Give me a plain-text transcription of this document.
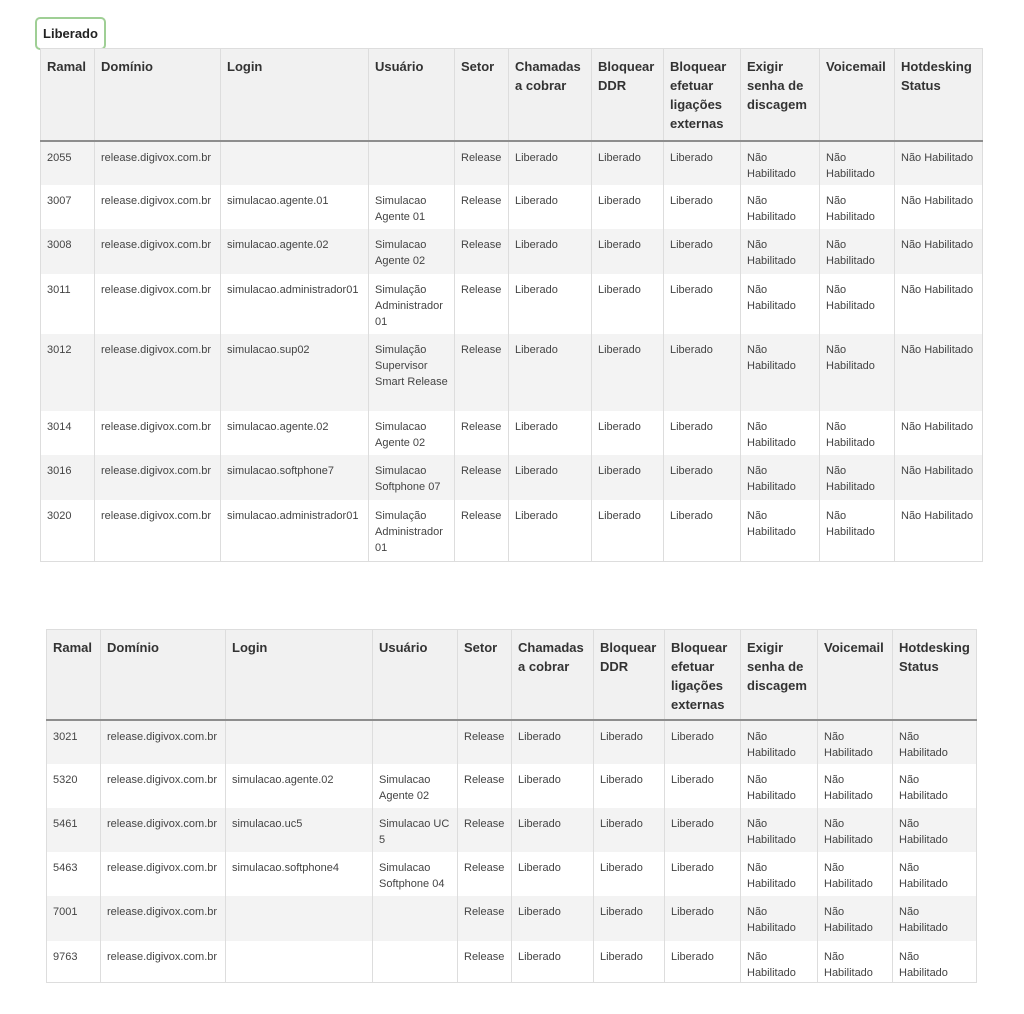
Liberado
Ramal	Domínio	Login	Usuário	Setor	Chamadas a cobrar	Bloquear DDR	Bloquear efetuar ligações externas	Exigir senha de discagem	Voicemail	Hotdesking Status
2055	release.digivox.com.br			Release	Liberado	Liberado	Liberado	Não Habilitado	Não Habilitado	Não Habilitado
3007	release.digivox.com.br	simulacao.agente.01	Simulacao Agente 01	Release	Liberado	Liberado	Liberado	Não Habilitado	Não Habilitado	Não Habilitado
3008	release.digivox.com.br	simulacao.agente.02	Simulacao Agente 02	Release	Liberado	Liberado	Liberado	Não Habilitado	Não Habilitado	Não Habilitado
3011	release.digivox.com.br	simulacao.administrador01	Simulação Administrador 01	Release	Liberado	Liberado	Liberado	Não Habilitado	Não Habilitado	Não Habilitado
3012	release.digivox.com.br	simulacao.sup02	Simulação Supervisor Smart Release	Release	Liberado	Liberado	Liberado	Não Habilitado	Não Habilitado	Não Habilitado
3014	release.digivox.com.br	simulacao.agente.02	Simulacao Agente 02	Release	Liberado	Liberado	Liberado	Não Habilitado	Não Habilitado	Não Habilitado
3016	release.digivox.com.br	simulacao.softphone7	Simulacao Softphone 07	Release	Liberado	Liberado	Liberado	Não Habilitado	Não Habilitado	Não Habilitado
3020	release.digivox.com.br	simulacao.administrador01	Simulação Administrador 01	Release	Liberado	Liberado	Liberado	Não Habilitado	Não Habilitado	Não Habilitado
Ramal	Domínio	Login	Usuário	Setor	Chamadas a cobrar	Bloquear DDR	Bloquear efetuar ligações externas	Exigir senha de discagem	Voicemail	Hotdesking Status
3021	release.digivox.com.br			Release	Liberado	Liberado	Liberado	Não Habilitado	Não Habilitado	Não Habilitado
5320	release.digivox.com.br	simulacao.agente.02	Simulacao Agente 02	Release	Liberado	Liberado	Liberado	Não Habilitado	Não Habilitado	Não Habilitado
5461	release.digivox.com.br	simulacao.uc5	Simulacao UC 5	Release	Liberado	Liberado	Liberado	Não Habilitado	Não Habilitado	Não Habilitado
5463	release.digivox.com.br	simulacao.softphone4	Simulacao Softphone 04	Release	Liberado	Liberado	Liberado	Não Habilitado	Não Habilitado	Não Habilitado
7001	release.digivox.com.br			Release	Liberado	Liberado	Liberado	Não Habilitado	Não Habilitado	Não Habilitado
9763	release.digivox.com.br			Release	Liberado	Liberado	Liberado	Não Habilitado	Não Habilitado	Não Habilitado
